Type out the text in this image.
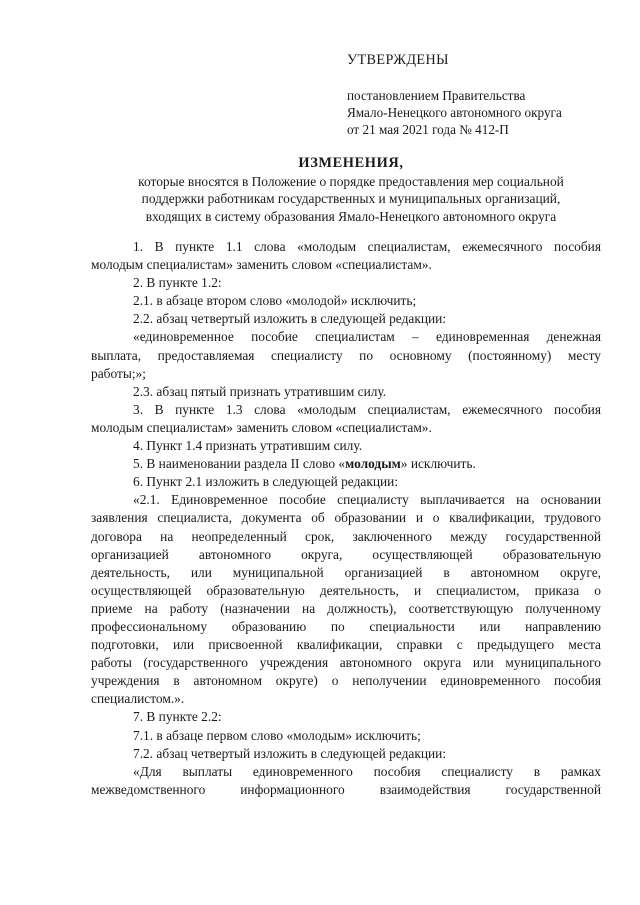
УТВЕРЖДЕНЫ
постановлением Правительства
Ямало-Ненецкого автономного округа
от 21 мая 2021 года № 412-П
ИЗМЕНЕНИЯ,
которые вносятся в Положение о порядке предоставления мер социальной
поддержки работникам государственных и муниципальных организаций,
входящих в систему образования Ямало-Ненецкого автономного округа
1. В пункте 1.1 слова «молодым специалистам, ежемесячного пособия
молодым специалистам» заменить словом «специалистам».
2. В пункте 1.2:
2.1. в абзаце втором слово «молодой» исключить;
2.2. абзац четвертый изложить в следующей редакции:
«единовременное пособие специалистам – единовременная денежная
выплата, предоставляемая специалисту по основному (постоянному) месту
работы;»;
2.3. абзац пятый признать утратившим силу.
3. В пункте 1.3 слова «молодым специалистам, ежемесячного пособия
молодым специалистам» заменить словом «специалистам».
4. Пункт 1.4 признать утратившим силу.
5. В наименовании раздела II слово «молодым» исключить.
6. Пункт 2.1 изложить в следующей редакции:
«2.1. Единовременное пособие специалисту выплачивается на основании
заявления специалиста, документа об образовании и о квалификации, трудового
договора на неопределенный срок, заключенного между государственной
организацией автономного округа, осуществляющей образовательную
деятельность, или муниципальной организацией в автономном округе,
осуществляющей образовательную деятельность, и специалистом, приказа о
приеме на работу (назначении на должность), соответствующую полученному
профессиональному образованию по специальности или направлению
подготовки, или присвоенной квалификации, справки с предыдущего места
работы (государственного учреждения автономного округа или муниципального
учреждения в автономном округе) о неполучении единовременного пособия
специалистом.».
7. В пункте 2.2:
7.1. в абзаце первом слово «молодым» исключить;
7.2. абзац четвертый изложить в следующей редакции:
«Для выплаты единовременного пособия специалисту в рамках
межведомственного информационного взаимодействия государственной
